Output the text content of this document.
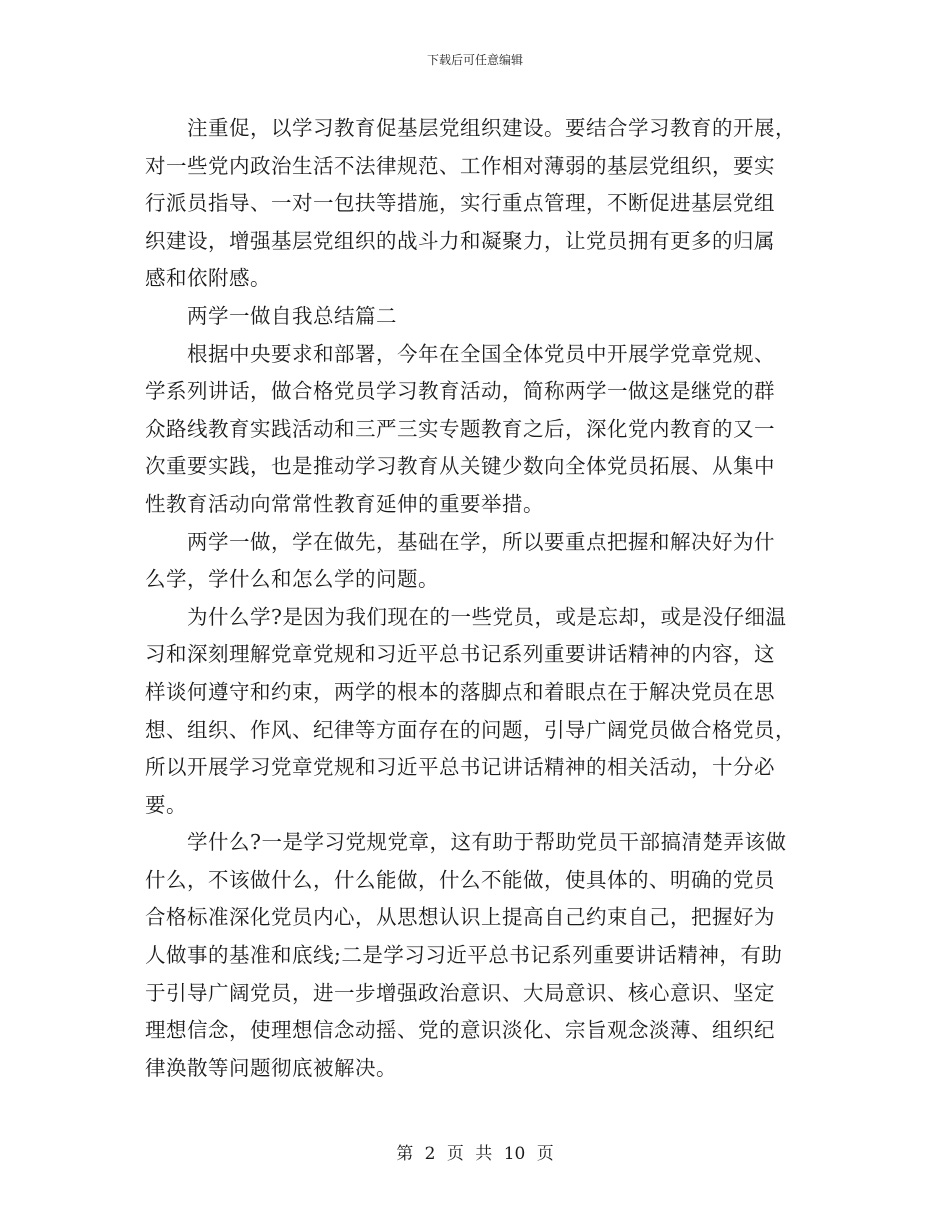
下载后可任意编辑
　　注重促，以学习教育促基层党组织建设。要结合学习教育的开展，
对一些党内政治生活不法律规范、工作相对薄弱的基层党组织，要实
行派员指导、一对一包扶等措施，实行重点管理，不断促进基层党组
织建设，增强基层党组织的战斗力和凝聚力，让党员拥有更多的归属
感和依附感。
　　两学一做自我总结篇二
　　根据中央要求和部署，今年在全国全体党员中开展学党章党规、
学系列讲话，做合格党员学习教育活动，简称两学一做这是继党的群
众路线教育实践活动和三严三实专题教育之后，深化党内教育的又一
次重要实践，也是推动学习教育从关键少数向全体党员拓展、从集中
性教育活动向常常性教育延伸的重要举措。
　　两学一做，学在做先，基础在学，所以要重点把握和解决好为什
么学，学什么和怎么学的问题。
　　为什么学?是因为我们现在的一些党员，或是忘却，或是没仔细温
习和深刻理解党章党规和习近平总书记系列重要讲话精神的内容，这
样谈何遵守和约束，两学的根本的落脚点和着眼点在于解决党员在思
想、组织、作风、纪律等方面存在的问题，引导广阔党员做合格党员，
所以开展学习党章党规和习近平总书记讲话精神的相关活动，十分必
要。
　　学什么?一是学习党规党章，这有助于帮助党员干部搞清楚弄该做
什么，不该做什么，什么能做，什么不能做，使具体的、明确的党员
合格标准深化党员内心，从思想认识上提高自己约束自己，把握好为
人做事的基准和底线;二是学习习近平总书记系列重要讲话精神，有助
于引导广阔党员，进一步增强政治意识、大局意识、核心意识、坚定
理想信念，使理想信念动摇、党的意识淡化、宗旨观念淡薄、组织纪
律涣散等问题彻底被解决。
第 2 页 共 10 页
